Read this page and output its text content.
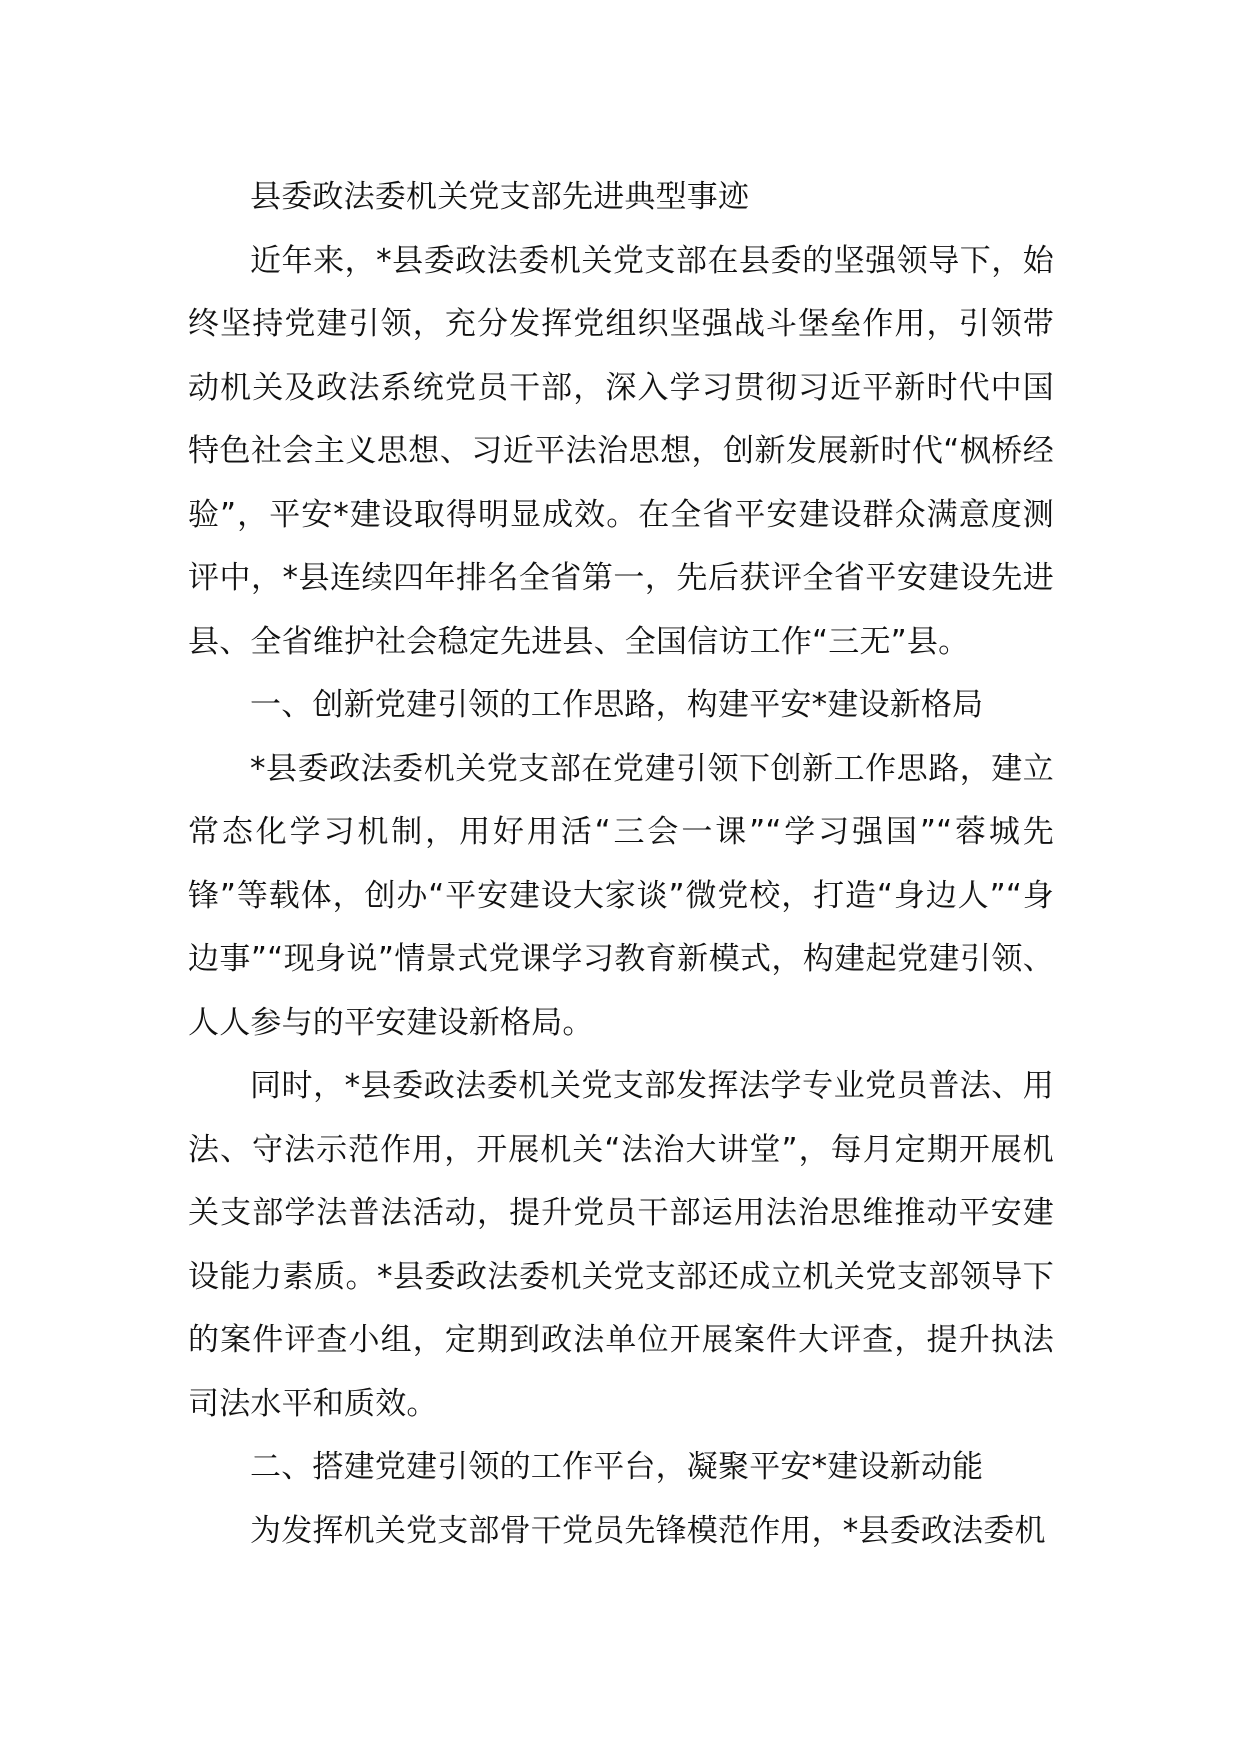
县委政法委机关党支部先进典型事迹

近年来，*县委政法委机关党支部在县委的坚强领导下，始终坚持党建引领，充分发挥党组织坚强战斗堡垒作用，引领带动机关及政法系统党员干部，深入学习贯彻习近平新时代中国特色社会主义思想、习近平法治思想，创新发展新时代“枫桥经验”，平安*建设取得明显成效。在全省平安建设群众满意度测评中，*县连续四年排名全省第一，先后获评全省平安建设先进县、全省维护社会稳定先进县、全国信访工作“三无”县。

一、创新党建引领的工作思路，构建平安*建设新格局

*县委政法委机关党支部在党建引领下创新工作思路，建立常态化学习机制，用好用活“三会一课”“学习强国”“蓉城先锋”等载体，创办“平安建设大家谈”微党校，打造“身边人”“身边事”“现身说”情景式党课学习教育新模式，构建起党建引领、人人参与的平安建设新格局。

同时，*县委政法委机关党支部发挥法学专业党员普法、用法、守法示范作用，开展机关“法治大讲堂”，每月定期开展机关支部学法普法活动，提升党员干部运用法治思维推动平安建设能力素质。*县委政法委机关党支部还成立机关党支部领导下的案件评查小组，定期到政法单位开展案件大评查，提升执法司法水平和质效。

二、搭建党建引领的工作平台，凝聚平安*建设新动能

为发挥机关党支部骨干党员先锋模范作用，*县委政法委机
